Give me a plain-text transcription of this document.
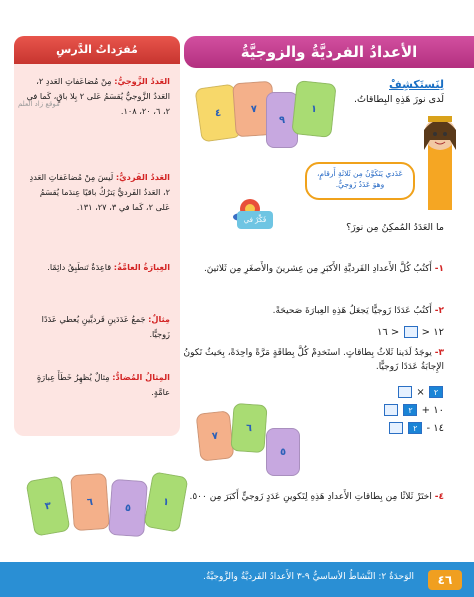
الأعدادُ الفرديَّةُ والزوجيَّةُ
مُفرَداتُ الدَّرسِ
العَددُ الزَّوجيُّ: مِنْ مُضاعَفاتِ العَددِ ٢، العَددُ الزَّوجيُّ يُقسَمُ عَلى ٢ بِلا باقٍ، كَما في ٢، ٦، ٢٠، ١٠٨.
العَددُ الفَرديُّ: لَيسَ مِنْ مُضاعَفاتِ العَددِ ٢، العَددُ الفَرديُّ يَترُكُ باقيًا عِندَما يُقسَمُ عَلى ٢، كَما في ٣، ٢٧، ١٣١.
العِبارَةُ العامَّةُ: قاعِدَةٌ تَنطَبِقُ دائِمًا.
مِثالٌ: جَمعُ عَدَدَينِ فَرديَّينِ يُعطي عَدَدًا زَوجيًّا.
المِثالُ المُضادُّ: مِثالٌ يُظهِرُ خَطَأَ عِبارَةٍ عامَّةٍ.
موقع زاد العلم
لِنَستَكشِفْ
لَدى نورَ هَذِهِ البِطاقاتُ.
٤	٧
٩
١
عَدَدي يَتَكَوَّنُ مِن ثَلاثَةِ أَرقامٍ، وهوَ عَدَدٌ زَوجيٌّ.
فَكِّرْ في الآحادِ
ما العَدَدُ المُمكِنُ مِن نورَ؟
١- أَكتُبُ كُلَّ الأَعدادِ الفَرديَّةِ الأَكبَرِ مِن عِشرينَ والأَصغَرِ مِن ثَلاثينَ.
٢- أَكتُبُ عَدَدًا زَوجيًّا يَجعَلُ هَذِهِ العِبارَةَ صَحيحَةً.
١٢ <  < ١٦
٣- يوجَدُ لَدَينا ثَلاثُ بِطاقاتٍ. استَخدِمْ كُلَّ بِطاقَةٍ مَرَّةً واحِدَةً، بِحَيثُ تَكونُ الإِجابَةُ عَدَدًا زَوجيًّا.
٢ ×
١٠ + ٢
١٤ - ٢
٧
٦
٥
٤- اختَرْ ثَلاثًا مِن بِطاقاتِ الأَعدادِ هَذِهِ لِتَكوينِ عَدَدٍ زَوجيٍّ أَكبَرَ مِن ٥٠٠.
٣	٦
٥
١
الوَحدَةُ ٢: النَّشاطُ الأساسيُّ ٩-٣ الأَعدادُ الفَرديَّةُ والزَّوجيَّةُ.	٤٦
